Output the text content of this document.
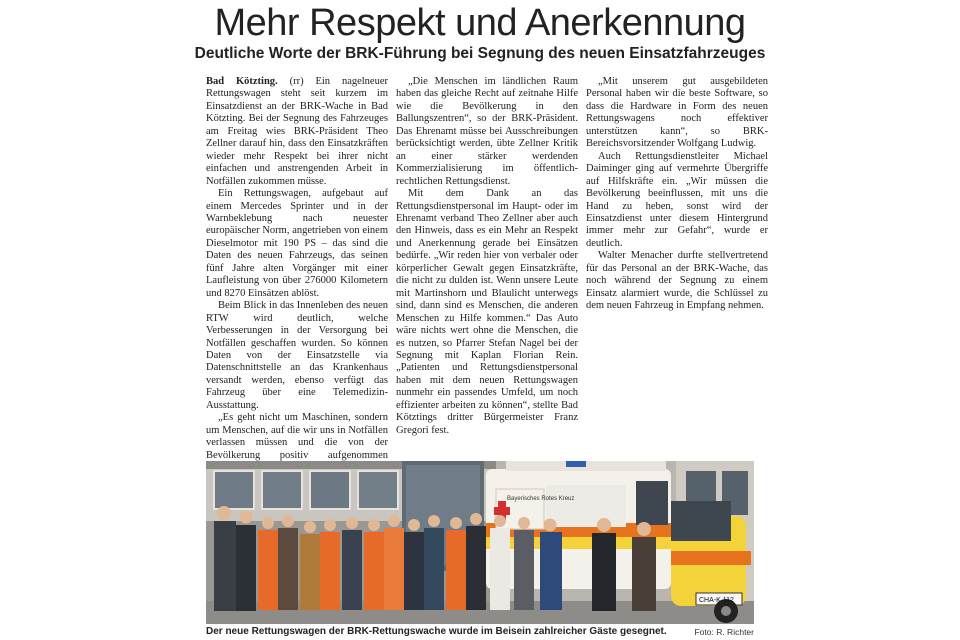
Mehr Respekt und Anerkennung
Deutliche Worte der BRK-Führung bei Segnung des neuen Einsatzfahrzeuges

Bad Kötzting. (rr) Ein nagelneuer Rettungswagen steht seit kurzem im Einsatzdienst an der BRK-Wache in Bad Kötzting. Bei der Segnung des Fahrzeuges am Freitag wies BRK-Präsident Theo Zellner darauf hin, dass den Einsatzkräften wieder mehr Respekt bei ihrer nicht einfachen und anstrengenden Arbeit in Notfällen zukommen müsse.

Ein Rettungswagen, aufgebaut auf einem Mercedes Sprinter und in der Warnbeklebung nach neuester europäischer Norm, angetrieben von einem Dieselmotor mit 190 PS – das sind die Daten des neuen Fahrzeugs, das seinen fünf Jahre alten Vorgänger mit einer Laufleistung von über 276000 Kilometern und 8270 Einsätzen ablöst.

Beim Blick in das Innenleben des neuen RTW wird deutlich, welche Verbesserungen in der Versorgung bei Notfällen geschaffen wurden. So können Daten von der Einsatzstelle via Datenschnittstelle an das Krankenhaus versandt werden, ebenso verfügt das Fahrzeug über eine Telemedizin-Ausstattung.

„Es geht nicht um Maschinen, sondern um Menschen, auf die wir uns in Notfällen verlassen müssen und die von der Bevölkerung positiv aufgenommen

„Die Menschen im ländlichen Raum haben das gleiche Recht auf zeitnahe Hilfe wie die Bevölkerung in den Ballungszentren“, so der BRK-Präsident. Das Ehrenamt müsse bei Ausschreibungen berücksichtigt werden, übte Zellner Kritik an einer stärker werdenden Kommerzialisierung im öffentlich-rechtlichen Rettungsdienst.

Mit dem Dank an das Rettungsdienstpersonal im Haupt- oder im Ehrenamt verband Theo Zellner aber auch den Hinweis, dass es ein Mehr an Respekt und Anerkennung gerade bei Einsätzen bedürfe. „Wir reden hier von verbaler oder körperlicher Gewalt gegen Einsatzkräfte, die nicht zu dulden ist. Wenn unsere Leute mit Martinshorn und Blaulicht unterwegs sind, dann sind es Menschen, die anderen Menschen zu Hilfe kommen.“ Das Auto wäre nichts wert ohne die Menschen, die es nutzen, so Pfarrer Stefan Nagel bei der Segnung mit Kaplan Florian Rein. „Patienten und Rettungsdienstpersonal haben mit dem neuen Rettungswagen nunmehr ein passendes Umfeld, um noch effizienter arbeiten zu können“, stellte Bad Kötztings dritter Bürgermeister Franz Gregori fest.

„Mit unserem gut ausgebildeten Personal haben wir die beste Software, so dass die Hardware in Form des neuen Rettungswagens noch effektiver unterstützen kann“, so BRK-Bereichsvorsitzender Wolfgang Ludwig.

Auch Rettungsdienstleiter Michael Daiminger ging auf vermehrte Übergriffe auf Hilfskräfte ein. „Wir müssen die Bevölkerung beeinflussen, mit uns die Hand zu heben, sonst wird der Einsatzdienst unter diesem Hintergrund immer mehr zur Gefahr“, wurde er deutlich.

Walter Menacher durfte stellvertretend für das Personal an der BRK-Wache, das noch während der Segnung zu einem Einsatz alarmiert wurde, die Schlüssel zu dem neuen Fahrzeug in Empfang nehmen.

Bayerisches Rotes Kreuz
CHA-K 112
Der neue Rettungswagen der BRK-Rettungswache wurde im Beisein zahlreicher Gäste gesegnet.	Foto: R. Richter
